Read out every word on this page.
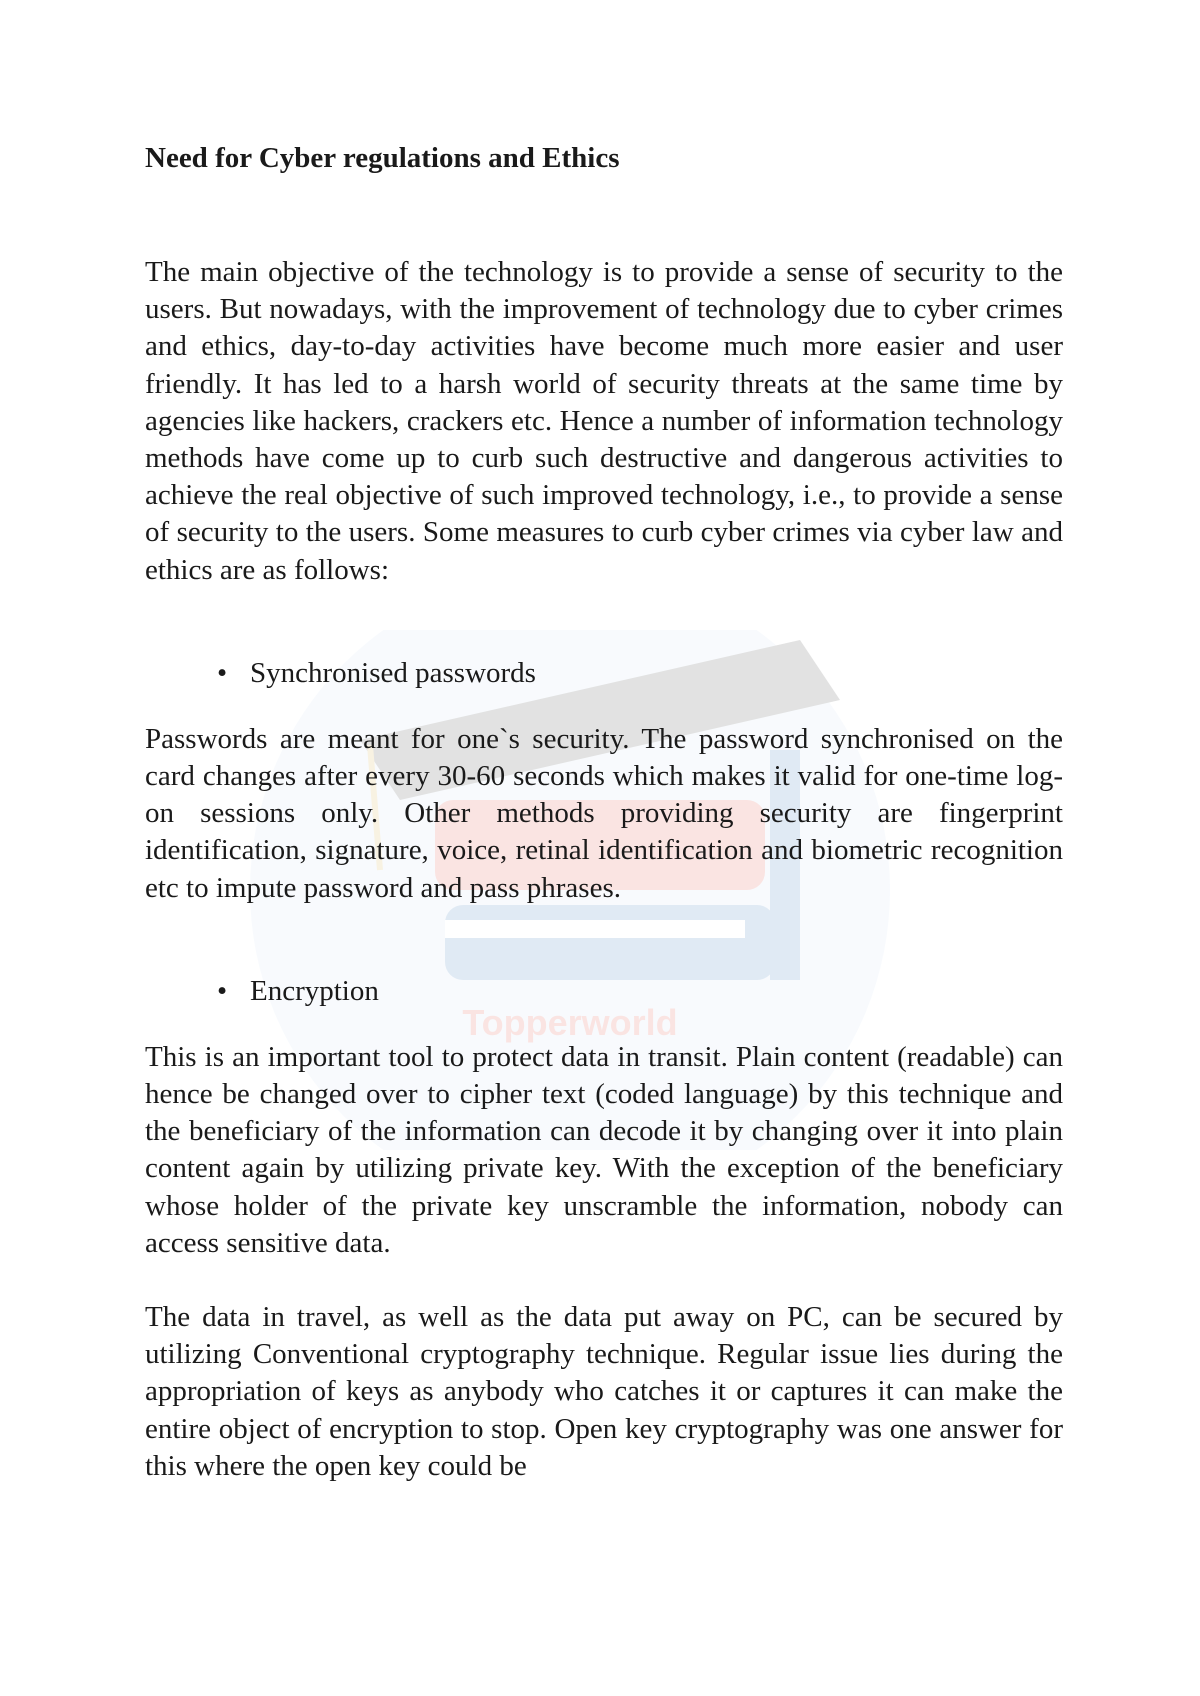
Topperworld
Need for Cyber regulations and Ethics

The main objective of the technology is to provide a sense of security to the users. But nowadays, with the improvement of technology due to cyber crimes and ethics, day-to-day activities have become much more easier and user friendly. It has led to a harsh world of security threats at the same time by agencies like hackers, crackers etc. Hence a number of information technology methods have come up to curb such destructive and dangerous activities to achieve the real objective of such improved technology, i.e., to provide a sense of security to the users. Some measures to curb cyber crimes via cyber law and ethics are as follows:

• Synchronised passwords

Passwords are meant for one`s security. The password synchronised on the card changes after every 30-60 seconds which makes it valid for one-time log-on sessions only. Other methods providing security are fingerprint identification, signature, voice, retinal identification and biometric recognition etc to impute password and pass phrases.

• Encryption

This is an important tool to protect data in transit. Plain content (readable) can hence be changed over to cipher text (coded language) by this technique and the beneficiary of the information can decode it by changing over it into plain content again by utilizing private key. With the exception of the beneficiary whose holder of the private key unscramble the information, nobody can access sensitive data.

The data in travel, as well as the data put away on PC, can be secured by utilizing Conventional cryptography technique. Regular issue lies during the appropriation of keys as anybody who catches it or captures it can make the entire object of encryption to stop. Open key cryptography was one answer for this where the open key could be
